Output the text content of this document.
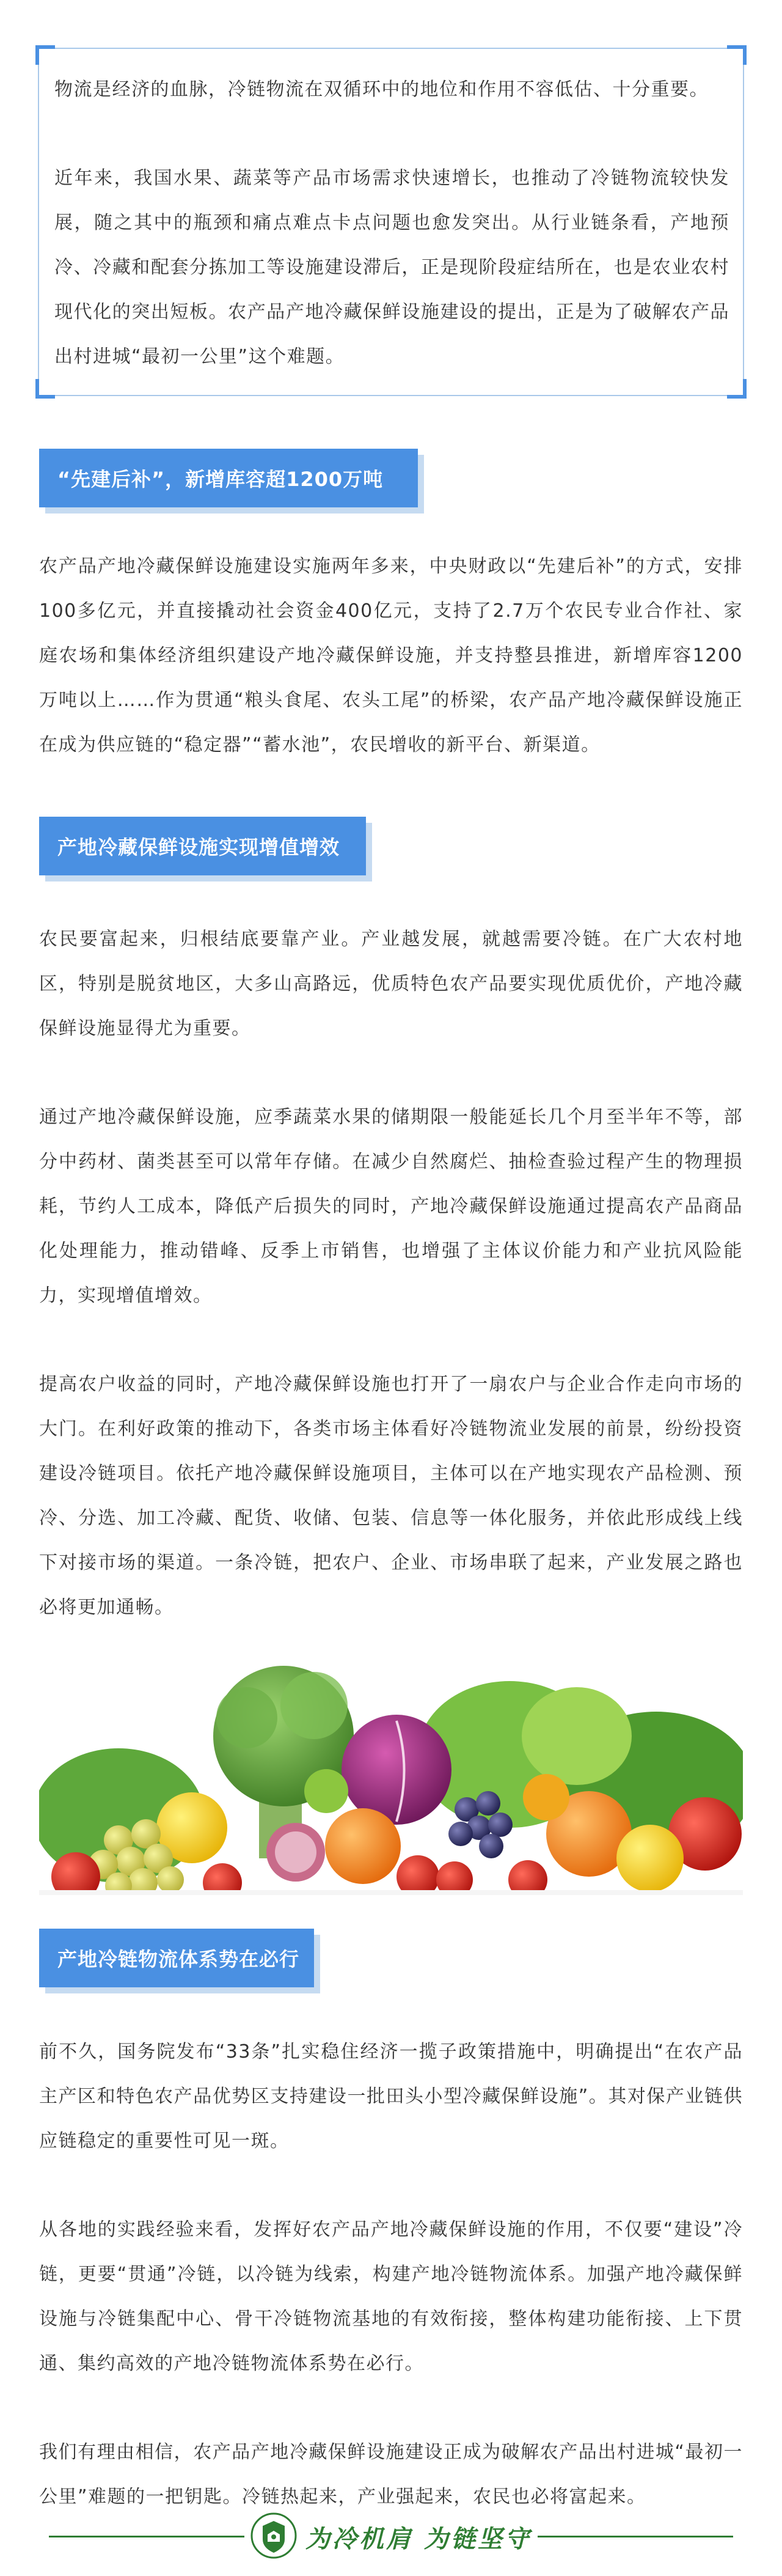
物流是经济的血脉，冷链物流在双循环中的地位和作用不容低估、十分重要。

近年来，我国水果、蔬菜等产品市场需求快速增长，也推动了冷链物流较快发展，随之其中的瓶颈和痛点难点卡点问题也愈发突出。从行业链条看，产地预冷、冷藏和配套分拣加工等设施建设滞后，正是现阶段症结所在，也是农业农村现代化的突出短板。农产品产地冷藏保鲜设施建设的提出，正是为了破解农产品出村进城“最初一公里”这个难题。

“先建后补”，新增库容超1200万吨

农产品产地冷藏保鲜设施建设实施两年多来，中央财政以“先建后补”的方式，安排100多亿元，并直接撬动社会资金400亿元，支持了2.7万个农民专业合作社、家庭农场和集体经济组织建设产地冷藏保鲜设施，并支持整县推进，新增库容1200万吨以上……作为贯通“粮头食尾、农头工尾”的桥梁，农产品产地冷藏保鲜设施正在成为供应链的“稳定器”“蓄水池”，农民增收的新平台、新渠道。

产地冷藏保鲜设施实现增值增效

农民要富起来，归根结底要靠产业。产业越发展，就越需要冷链。在广大农村地区，特别是脱贫地区，大多山高路远，优质特色农产品要实现优质优价，产地冷藏保鲜设施显得尤为重要。

通过产地冷藏保鲜设施，应季蔬菜水果的储期限一般能延长几个月至半年不等，部分中药材、菌类甚至可以常年存储。在减少自然腐烂、抽检查验过程产生的物理损耗，节约人工成本，降低产后损失的同时，产地冷藏保鲜设施通过提高农产品商品化处理能力，推动错峰、反季上市销售，也增强了主体议价能力和产业抗风险能力，实现增值增效。

提高农户收益的同时，产地冷藏保鲜设施也打开了一扇农户与企业合作走向市场的大门。在利好政策的推动下，各类市场主体看好冷链物流业发展的前景，纷纷投资建设冷链项目。依托产地冷藏保鲜设施项目，主体可以在产地实现农产品检测、预冷、分选、加工冷藏、配货、收储、包装、信息等一体化服务，并依此形成线上线下对接市场的渠道。一条冷链，把农户、企业、市场串联了起来，产业发展之路也必将更加通畅。

产地冷链物流体系势在必行

前不久，国务院发布“33条”扎实稳住经济一揽子政策措施中，明确提出“在农产品主产区和特色农产品优势区支持建设一批田头小型冷藏保鲜设施”。其对保产业链供应链稳定的重要性可见一斑。

从各地的实践经验来看，发挥好农产品产地冷藏保鲜设施的作用，不仅要“建设”冷链，更要“贯通”冷链，以冷链为线索，构建产地冷链物流体系。加强产地冷藏保鲜设施与冷链集配中心、骨干冷链物流基地的有效衔接，整体构建功能衔接、上下贯通、集约高效的产地冷链物流体系势在必行。

我们有理由相信，农产品产地冷藏保鲜设施建设正成为破解农产品出村进城“最初一公里”难题的一把钥匙。冷链热起来，产业强起来，农民也必将富起来。

为冷机肩 为链坚守
